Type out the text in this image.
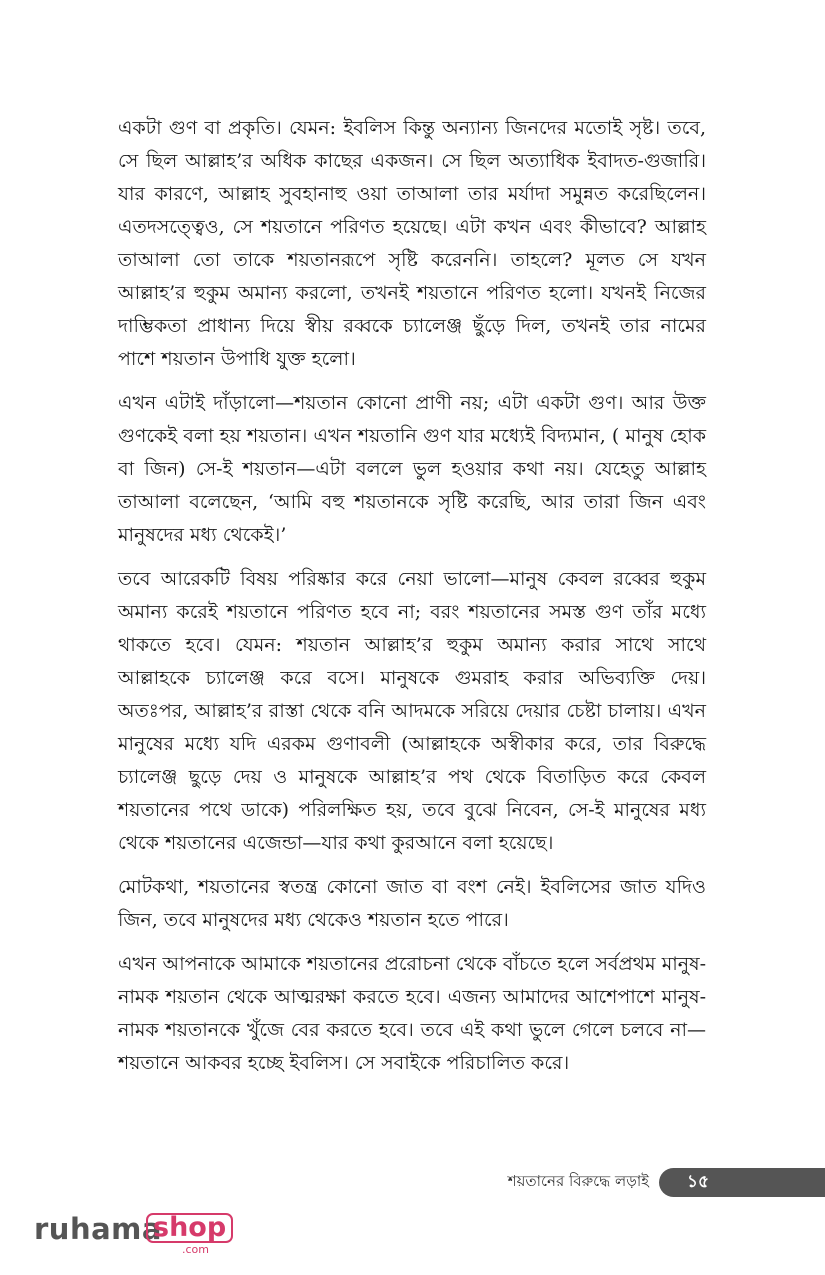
একটা গুণ বা প্রকৃতি। যেমন: ইবলিস কিন্তু অন্যান্য জিনদের মতোই সৃষ্ট। তবে, সে ছিল আল্লাহ’র অধিক কাছের একজন। সে ছিল অত্যাধিক ইবাদত-গুজারি। যার কারণে, আল্লাহ সুবহানাহু ওয়া তাআলা তার মর্যাদা সমুন্নত করেছিলেন। এতদসত্ত্বেও, সে শয়তানে পরিণত হয়েছে। এটা কখন এবং কীভাবে? আল্লাহ তাআলা তো তাকে শয়তানরূপে সৃষ্টি করেননি। তাহলে? মূলত সে যখন আল্লাহ’র হুকুম অমান্য করলো, তখনই শয়তানে পরিণত হলো। যখনই নিজের দাম্ভিকতা প্রাধান্য দিয়ে স্বীয় রব্বকে চ্যালেঞ্জ ছুঁড়ে দিল, তখনই তার নামের পাশে শয়তান উপাধি যুক্ত হলো।

এখন এটাই দাঁড়ালো—শয়তান কোনো প্রাণী নয়; এটা একটা গুণ। আর উক্ত গুণকেই বলা হয় শয়তান। এখন শয়তানি গুণ যার মধ্যেই বিদ্যমান, ( মানুষ হোক বা জিন) সে-ই শয়তান—এটা বললে ভুল হওয়ার কথা নয়। যেহেতু আল্লাহ তাআলা বলেছেন, ‘আমি বহু শয়তানকে সৃষ্টি করেছি, আর তারা জিন এবং মানুষদের মধ্য থেকেই।’

তবে আরেকটি বিষয় পরিষ্কার করে নেয়া ভালো—মানুষ কেবল রব্বের হুকুম অমান্য করেই শয়তানে পরিণত হবে না; বরং শয়তানের সমস্ত গুণ তাঁর মধ্যে থাকতে হবে। যেমন: শয়তান আল্লাহ’র হুকুম অমান্য করার সাথে সাথে আল্লাহকে চ্যালেঞ্জ করে বসে। মানুষকে গুমরাহ করার অভিব্যক্তি দেয়। অতঃপর, আল্লাহ’র রাস্তা থেকে বনি আদমকে সরিয়ে দেয়ার চেষ্টা চালায়। এখন মানুষের মধ্যে যদি এরকম গুণাবলী (আল্লাহকে অস্বীকার করে, তার বিরুদ্ধে চ্যালেঞ্জ ছুড়ে দেয় ও মানুষকে আল্লাহ’র পথ থেকে বিতাড়িত করে কেবল শয়তানের পথে ডাকে) পরিলক্ষিত হয়, তবে বুঝে নিবেন, সে-ই মানুষের মধ্য থেকে শয়তানের এজেন্ডা—যার কথা কুরআনে বলা হয়েছে।

মোটকথা, শয়তানের স্বতন্ত্র কোনো জাত বা বংশ নেই। ইবলিসের জাত যদিও জিন, তবে মানুষদের মধ্য থেকেও শয়তান হতে পারে।

এখন আপনাকে আমাকে শয়তানের প্ররোচনা থেকে বাঁচতে হলে সর্বপ্রথম মানুষ-নামক শয়তান থেকে আত্মরক্ষা করতে হবে। এজন্য আমাদের আশেপাশে মানুষ-নামক শয়তানকে খুঁজে বের করতে হবে। তবে এই কথা ভুলে গেলে চলবে না—শয়তানে আকবর হচ্ছে ইবলিস। সে সবাইকে পরিচালিত করে।

শয়তানের বিরুদ্ধে লড়াই ১৫
ruhama
shop
.com
